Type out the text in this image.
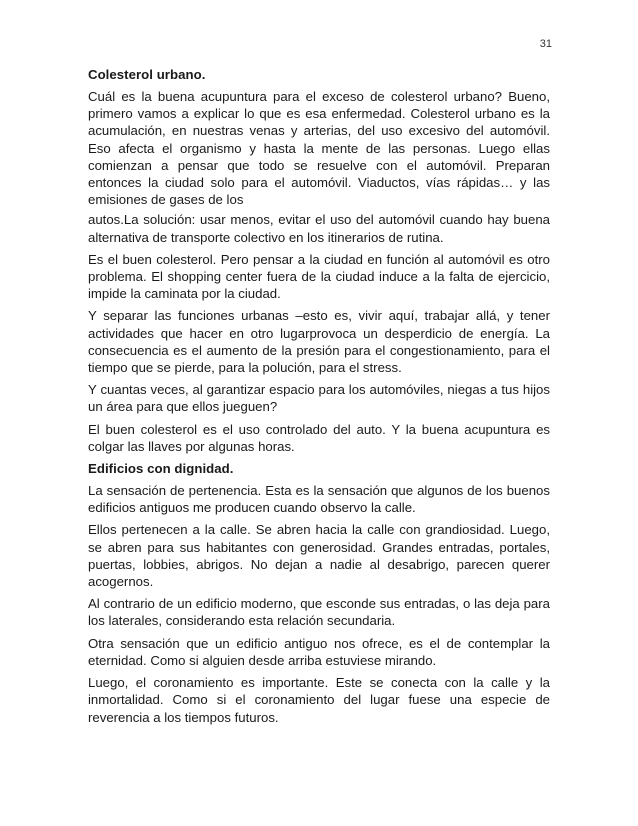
31
Colesterol urbano.

Cuál es la buena acupuntura para el exceso de colesterol urbano? Bueno, primero vamos a explicar lo que es esa enfermedad. Colesterol urbano es la acumulación, en nuestras venas y arterias, del uso excesivo del automóvil. Eso afecta el organismo y hasta la mente de las personas. Luego ellas comienzan a pensar que todo se resuelve con el automóvil. Preparan entonces la ciudad solo para el automóvil. Viaductos, vías rápidas… y las emisiones de gases de los

autos.La solución: usar menos, evitar el uso del automóvil cuando hay buena alternativa de transporte colectivo en los itinerarios de rutina.

Es el buen colesterol. Pero pensar a la ciudad en función al automóvil es otro problema. El shopping center fuera de la ciudad induce a la falta de ejercicio, impide la caminata por la ciudad.

Y separar las funciones urbanas –esto es, vivir aquí, trabajar allá, y tener actividades que hacer en otro lugarprovoca un desperdicio de energía. La consecuencia es el aumento de la presión para el congestionamiento, para el tiempo que se pierde, para la polución, para el stress.

Y cuantas veces, al garantizar espacio para los automóviles, niegas a tus hijos un área para que ellos jueguen?

El buen colesterol es el uso controlado del auto. Y la buena acupuntura es colgar las llaves por algunas horas.

Edificios con dignidad.

La sensación de pertenencia. Esta es la sensación que algunos de los buenos edificios antiguos me producen cuando observo la calle.

Ellos pertenecen a la calle. Se abren hacia la calle con grandiosidad. Luego, se abren para sus habitantes con generosidad. Grandes entradas, portales, puertas, lobbies, abrigos. No dejan a nadie al desabrigo, parecen querer acogernos.

Al contrario de un edificio moderno, que esconde sus entradas, o las deja para los laterales, considerando esta relación secundaria.

Otra sensación que un edificio antiguo nos ofrece, es el de contemplar la eternidad. Como si alguien desde arriba estuviese mirando.

Luego, el coronamiento es importante. Este se conecta con la calle y la inmortalidad. Como si el coronamiento del lugar fuese una especie de reverencia a los tiempos futuros.
